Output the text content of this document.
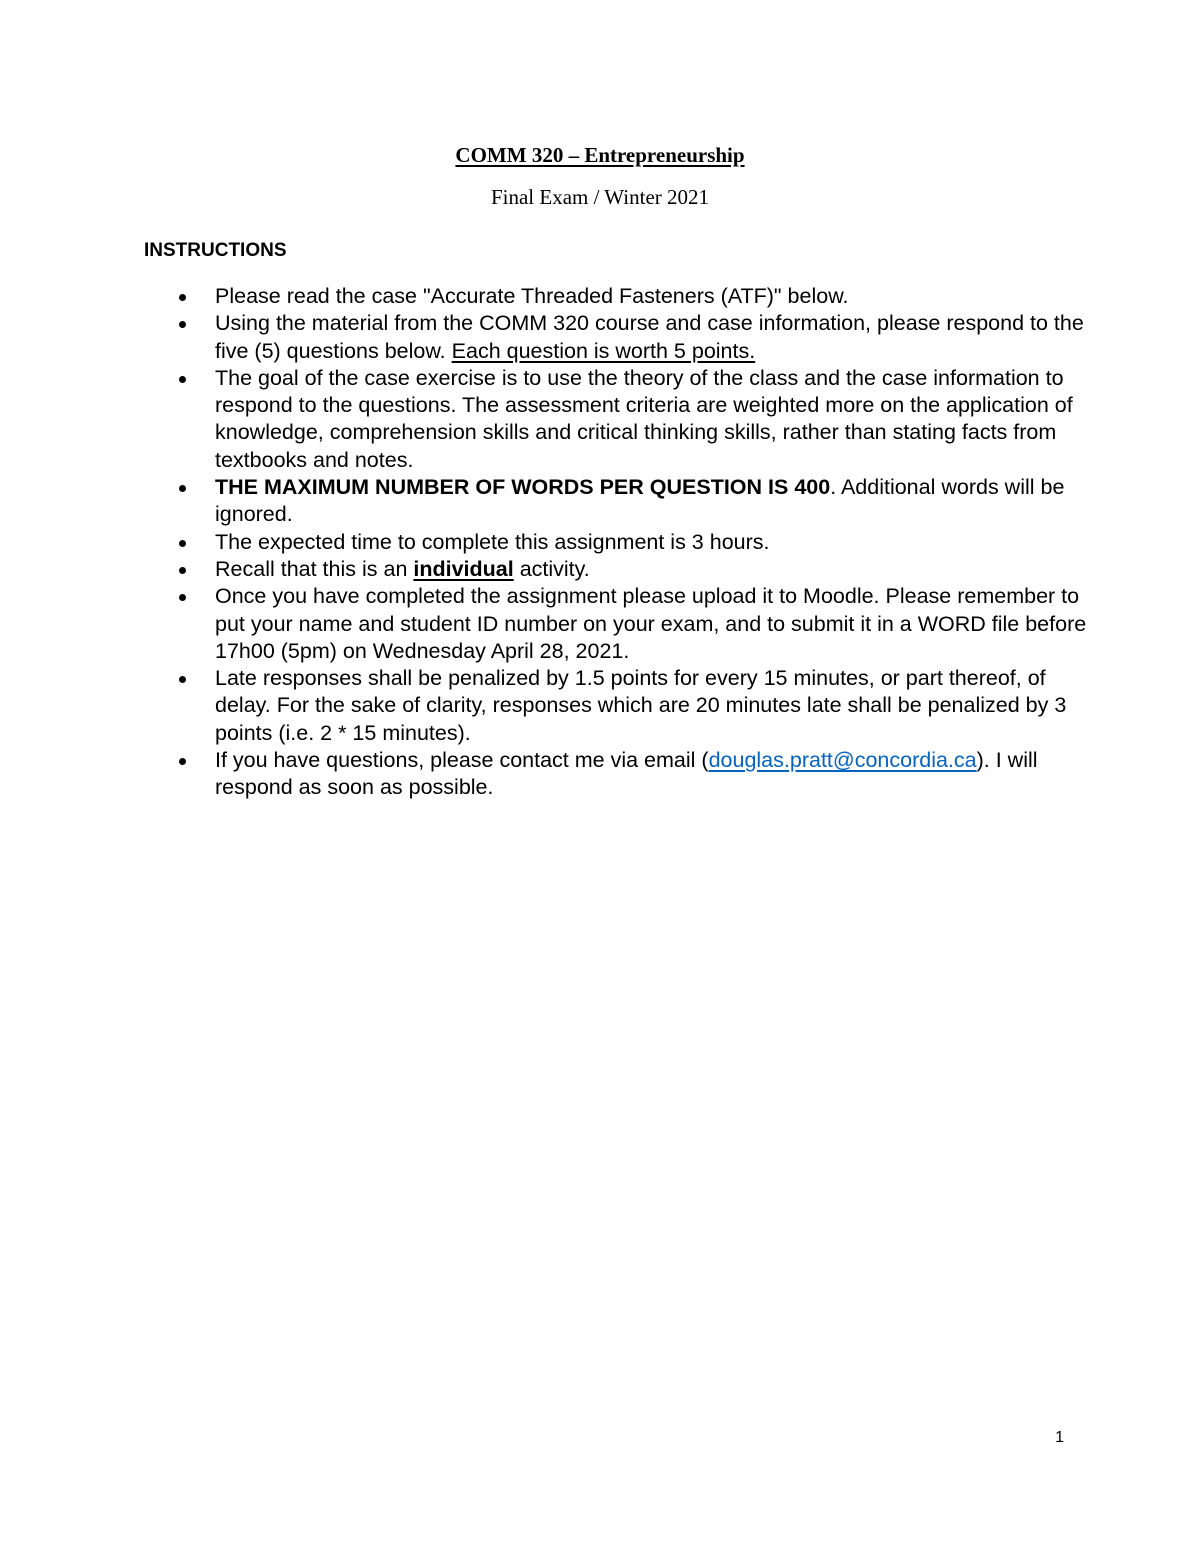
COMM 320 – Entrepreneurship
Final Exam / Winter 2021
INSTRUCTIONS
Please read the case "Accurate Threaded Fasteners (ATF)" below.
Using the material from the COMM 320 course and case information, please respond to the five (5) questions below. Each question is worth 5 points.
The goal of the case exercise is to use the theory of the class and the case information to respond to the questions. The assessment criteria are weighted more on the application of knowledge, comprehension skills and critical thinking skills, rather than stating facts from textbooks and notes.
THE MAXIMUM NUMBER OF WORDS PER QUESTION IS 400. Additional words will be ignored.
The expected time to complete this assignment is 3 hours.
Recall that this is an individual activity.
Once you have completed the assignment please upload it to Moodle. Please remember to put your name and student ID number on your exam, and to submit it in a WORD file before 17h00 (5pm) on Wednesday April 28, 2021.
Late responses shall be penalized by 1.5 points for every 15 minutes, or part thereof, of delay. For the sake of clarity, responses which are 20 minutes late shall be penalized by 3 points (i.e. 2 * 15 minutes).
If you have questions, please contact me via email (douglas.pratt@concordia.ca). I will respond as soon as possible.
1
